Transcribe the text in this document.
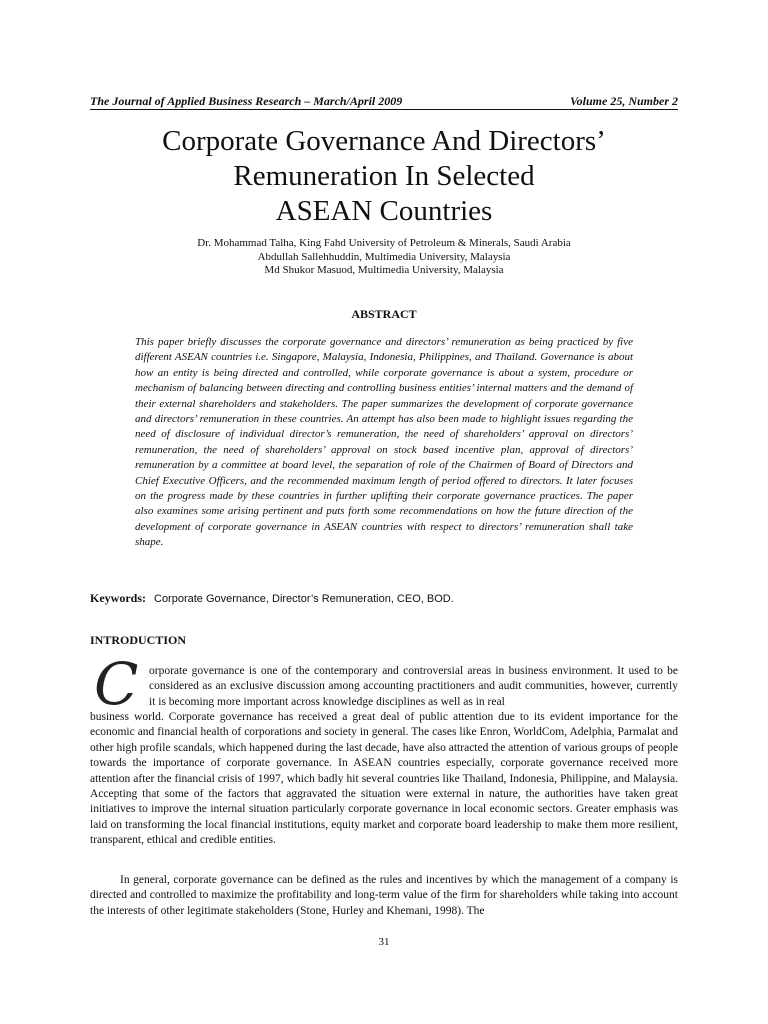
The Journal of Applied Business Research – March/April 2009	Volume 25, Number 2
Corporate Governance And Directors’
Remuneration In Selected
ASEAN Countries
Dr. Mohammad Talha, King Fahd University of Petroleum & Minerals, Saudi Arabia
Abdullah Sallehhuddin, Multimedia University, Malaysia
Md Shukor Masuod, Multimedia University, Malaysia
ABSTRACT

This paper briefly discusses the corporate governance and directors’ remuneration as being practiced by five different ASEAN countries i.e. Singapore, Malaysia, Indonesia, Philippines, and Thailand. Governance is about how an entity is being directed and controlled, while corporate governance is about a system, procedure or mechanism of balancing between directing and controlling business entities’ internal matters and the demand of their external shareholders and stakeholders. The paper summarizes the development of corporate governance and directors’ remuneration in these countries. An attempt has also been made to highlight issues regarding the need of disclosure of individual director’s remuneration, the need of shareholders’ approval on directors’ remuneration, the need of shareholders’ approval on stock based incentive plan, approval of directors’ remuneration by a committee at board level, the separation of role of the Chairmen of Board of Directors and Chief Executive Officers, and the recommended maximum length of period offered to directors. It later focuses on the progress made by these countries in further uplifting their corporate governance practices. The paper also examines some arising pertinent and puts forth some recommendations on how the future direction of the development of corporate governance in ASEAN countries with respect to directors’ remuneration shall take shape.

Keywords: Corporate Governance, Director’s Remuneration, CEO, BOD.
INTRODUCTION
C orporate governance is one of the contemporary and controversial areas in business environment. It used to be considered as an exclusive discussion among accounting practitioners and audit communities, however, currently it is becoming more important across knowledge disciplines as well as in real

business world. Corporate governance has received a great deal of public attention due to its evident importance for the economic and financial health of corporations and society in general. The cases like Enron, WorldCom, Adelphia, Parmalat and other high profile scandals, which happened during the last decade, have also attracted the attention of various groups of people towards the importance of corporate governance. In ASEAN countries especially, corporate governance received more attention after the financial crisis of 1997, which badly hit several countries like Thailand, Indonesia, Philippine, and Malaysia. Accepting that some of the factors that aggravated the situation were external in nature, the authorities have taken great initiatives to improve the internal situation particularly corporate governance in local economic sectors. Greater emphasis was laid on transforming the local financial institutions, equity market and corporate board leadership to make them more resilient, transparent, ethical and credible entities.

In general, corporate governance can be defined as the rules and incentives by which the management of a company is directed and controlled to maximize the profitability and long-term value of the firm for shareholders while taking into account the interests of other legitimate stakeholders (Stone, Hurley and Khemani, 1998). The

31
